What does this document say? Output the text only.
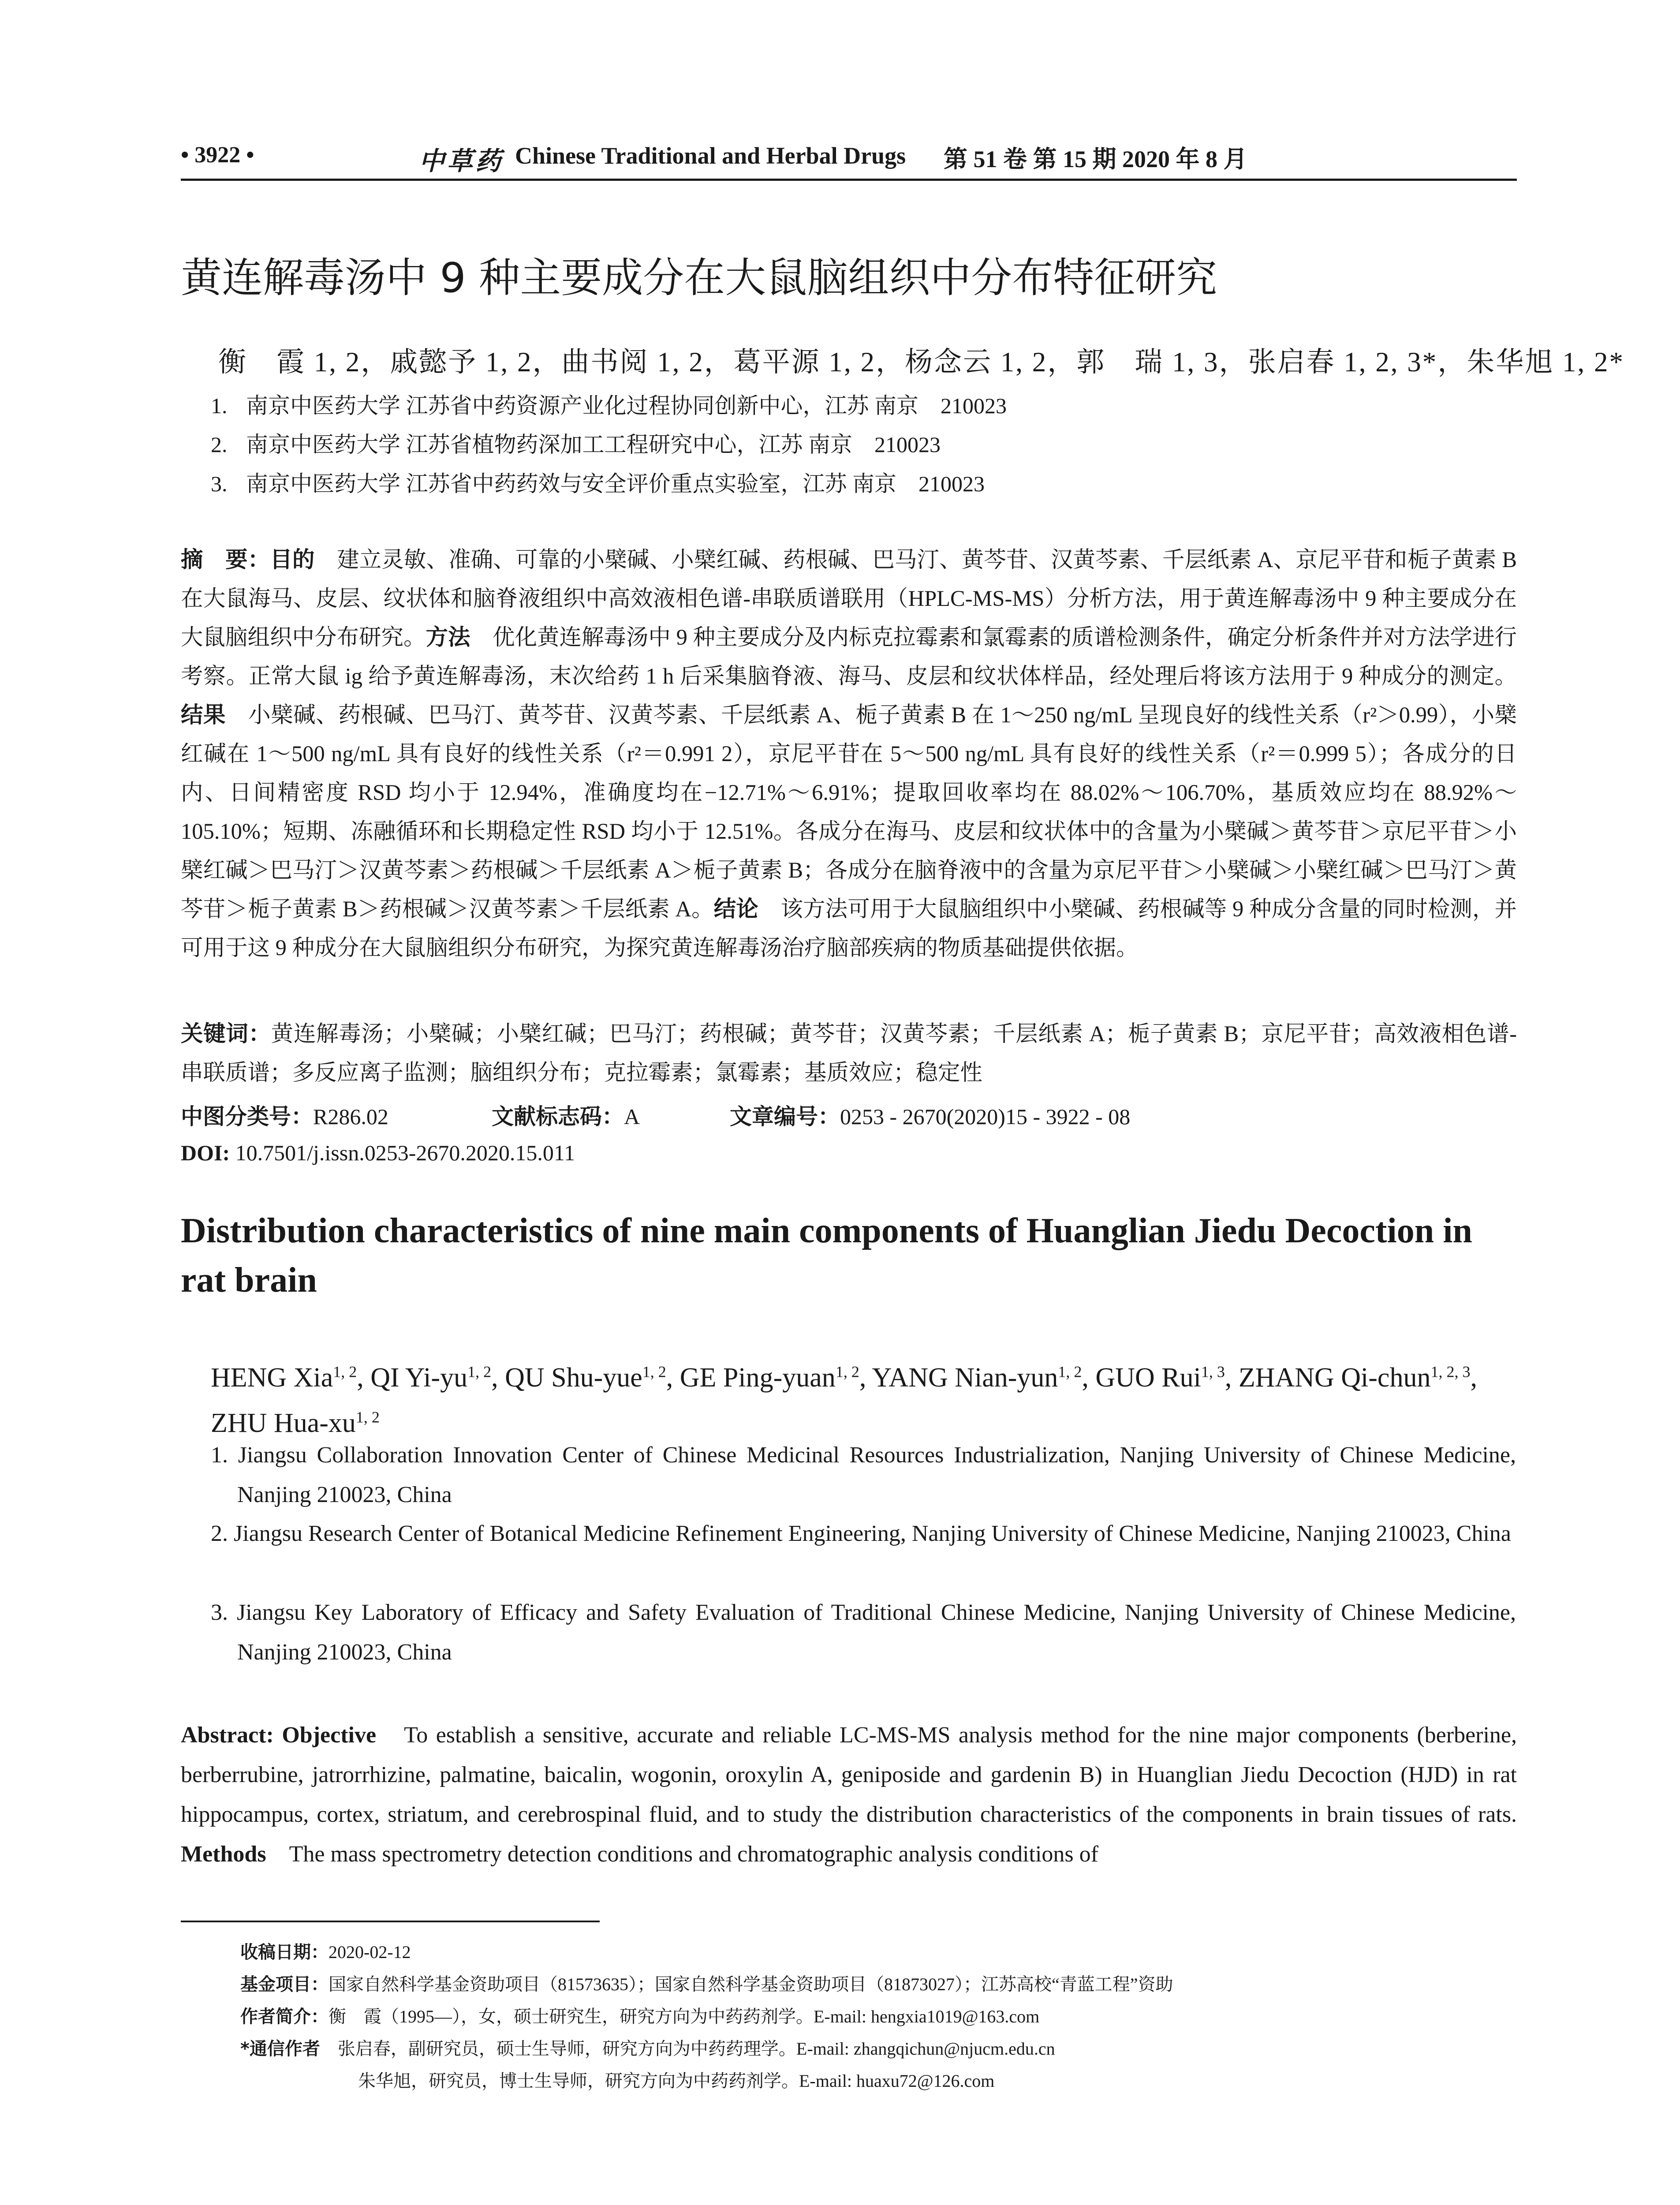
• 3922 •	中草药 Chinese Traditional and Herbal Drugs 第 51 卷 第 15 期 2020 年 8 月
黄连解毒汤中 9 种主要成分在大鼠脑组织中分布特征研究
衡　霞 1, 2，戚懿予 1, 2，曲书阅 1, 2，葛平源 1, 2，杨念云 1, 2，郭　瑞 1, 3，张启春 1, 2, 3*，朱华旭 1, 2*
1. 南京中医药大学 江苏省中药资源产业化过程协同创新中心，江苏 南京　210023
2. 南京中医药大学 江苏省植物药深加工工程研究中心，江苏 南京　210023
3. 南京中医药大学 江苏省中药药效与安全评价重点实验室，江苏 南京　210023
摘　要：目的　建立灵敏、准确、可靠的小檗碱、小檗红碱、药根碱、巴马汀、黄芩苷、汉黄芩素、千层纸素 A、京尼平苷和栀子黄素 B 在大鼠海马、皮层、纹状体和脑脊液组织中高效液相色谱-串联质谱联用（HPLC-MS-MS）分析方法，用于黄连解毒汤中 9 种主要成分在大鼠脑组织中分布研究。方法　优化黄连解毒汤中 9 种主要成分及内标克拉霉素和氯霉素的质谱检测条件，确定分析条件并对方法学进行考察。正常大鼠 ig 给予黄连解毒汤，末次给药 1 h 后采集脑脊液、海马、皮层和纹状体样品，经处理后将该方法用于 9 种成分的测定。结果　小檗碱、药根碱、巴马汀、黄芩苷、汉黄芩素、千层纸素 A、栀子黄素 B 在 1～250 ng/mL 呈现良好的线性关系（r²＞0.99），小檗红碱在 1～500 ng/mL 具有良好的线性关系（r²＝0.991 2），京尼平苷在 5～500 ng/mL 具有良好的线性关系（r²＝0.999 5）；各成分的日内、日间精密度 RSD 均小于 12.94%，准确度均在−12.71%～6.91%；提取回收率均在 88.02%～106.70%，基质效应均在 88.92%～105.10%；短期、冻融循环和长期稳定性 RSD 均小于 12.51%。各成分在海马、皮层和纹状体中的含量为小檗碱＞黄芩苷＞京尼平苷＞小檗红碱＞巴马汀＞汉黄芩素＞药根碱＞千层纸素 A＞栀子黄素 B；各成分在脑脊液中的含量为京尼平苷＞小檗碱＞小檗红碱＞巴马汀＞黄芩苷＞栀子黄素 B＞药根碱＞汉黄芩素＞千层纸素 A。结论　该方法可用于大鼠脑组织中小檗碱、药根碱等 9 种成分含量的同时检测，并可用于这 9 种成分在大鼠脑组织分布研究，为探究黄连解毒汤治疗脑部疾病的物质基础提供依据。
关键词：黄连解毒汤；小檗碱；小檗红碱；巴马汀；药根碱；黄芩苷；汉黄芩素；千层纸素 A；栀子黄素 B；京尼平苷；高效液相色谱-串联质谱；多反应离子监测；脑组织分布；克拉霉素；氯霉素；基质效应；稳定性
中图分类号：R286.02	文献标志码：A	文章编号：0253 - 2670(2020)15 - 3922 - 08
DOI: 10.7501/j.issn.0253-2670.2020.15.011
Distribution characteristics of nine main components of Huanglian Jiedu Decoction in rat brain
HENG Xia$^{1, 2}$, QI Yi-yu$^{1, 2}$, QU Shu-yue$^{1, 2}$, GE Ping-yuan$^{1, 2}$, YANG Nian-yun$^{1, 2}$, GUO Rui$^{1, 3}$, ZHANG Qi-chun$^{1, 2, 3}$, ZHU Hua-xu$^{1, 2}$
1. Jiangsu Collaboration Innovation Center of Chinese Medicinal Resources Industrialization, Nanjing University of Chinese Medicine, Nanjing 210023, China
2. Jiangsu Research Center of Botanical Medicine Refinement Engineering, Nanjing University of Chinese Medicine, Nanjing 210023, China
3. Jiangsu Key Laboratory of Efficacy and Safety Evaluation of Traditional Chinese Medicine, Nanjing University of Chinese Medicine, Nanjing 210023, China
Abstract: Objective　To establish a sensitive, accurate and reliable LC-MS-MS analysis method for the nine major components (berberine, berberrubine, jatrorrhizine, palmatine, baicalin, wogonin, oroxylin A, geniposide and gardenin B) in Huanglian Jiedu Decoction (HJD) in rat hippocampus, cortex, striatum, and cerebrospinal fluid, and to study the distribution characteristics of the components in brain tissues of rats. Methods　The mass spectrometry detection conditions and chromatographic analysis conditions of
收稿日期：2020-02-12
基金项目：国家自然科学基金资助项目（81573635）；国家自然科学基金资助项目（81873027）；江苏高校“青蓝工程”资助
作者简介：衡　霞（1995—），女，硕士研究生，研究方向为中药药剂学。E-mail: hengxia1019@163.com
*通信作者　张启春，副研究员，硕士生导师，研究方向为中药药理学。E-mail: zhangqichun@njucm.edu.cn
朱华旭，研究员，博士生导师，研究方向为中药药剂学。E-mail: huaxu72@126.com
